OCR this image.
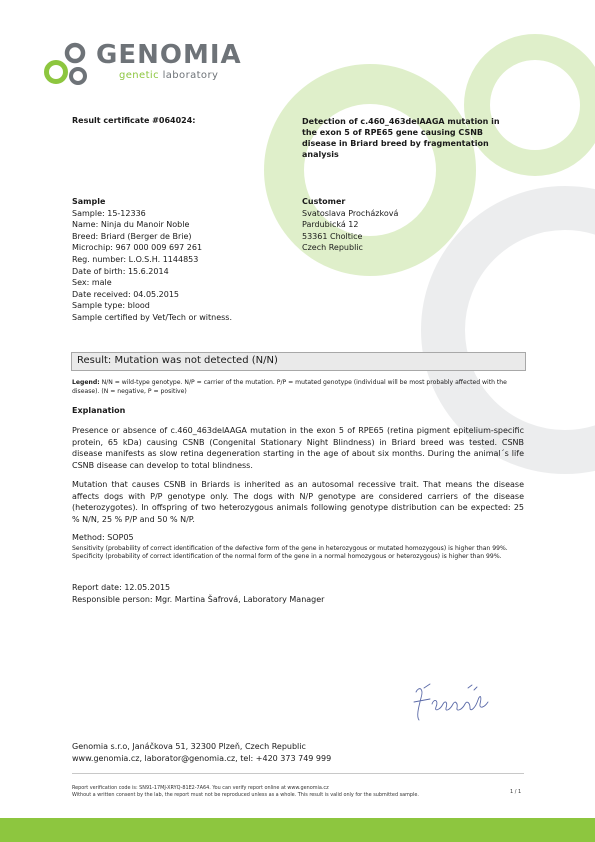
GENOMIA
genetic laboratory
Result certificate #064024:	Detection of c.460_463delAAGA mutation in
the exon 5 of RPE65 gene causing CSNB
disease in Briard breed by fragmentation
analysis
Sample
Sample: 15-12336
Name: Ninja du Manoir Noble
Breed: Briard (Berger de Brie)
Microchip: 967 000 009 697 261
Reg. number: L.O.S.H. 1144853
Date of birth: 15.6.2014
Sex: male
Date received: 04.05.2015
Sample type: blood
Sample certified by Vet/Tech or witness.
Customer
Svatoslava Procházková
Pardubická 12
53361 Choltice
Czech Republic
Result: Mutation was not detected (N/N)
Legend: N/N = wild-type genotype. N/P = carrier of the mutation. P/P = mutated genotype (individual will be most probably affected with the disease). (N = negative, P = positive)
Explanation
Presence or absence of c.460_463delAAGA mutation in the exon 5 of RPE65 (retina pigment epitelium-specific protein, 65 kDa) causing CSNB (Congenital Stationary Night Blindness) in Briard breed was tested. CSNB disease manifests as slow retina degeneration starting in the age of about six months. During the animal´s life CSNB disease can develop to total blindness.
Mutation that causes CSNB in Briards is inherited as an autosomal recessive trait. That means the disease affects dogs with P/P genotype only. The dogs with N/P genotype are considered carriers of the disease (heterozygotes). In offspring of two heterozygous animals following genotype distribution can be expected: 25 % N/N, 25 % P/P and 50 % N/P.
Method: SOP05
Sensitivity (probability of correct identification of the defective form of the gene in heterozygous or mutated homozygous) is higher than 99%. Specificity (probability of correct identification of the normal form of the gene in a normal homozygous or heterozygous) is higher than 99%.
Report date: 12.05.2015
Responsible person: Mgr. Martina Šafrová, Laboratory Manager
Genomia s.r.o, Janáčkova 51, 32300 Plzeň, Czech Republic
www.genomia.cz, laborator@genomia.cz, tel: +420 373 749 999
Report verification code is: SN91-17MJ-XRYQ-81E2-7A64. You can verify report online at www.genomia.cz
Without a written consent by the lab, the report must not be reproduced unless as a whole. This result is valid only for the submitted sample.
1 / 1
